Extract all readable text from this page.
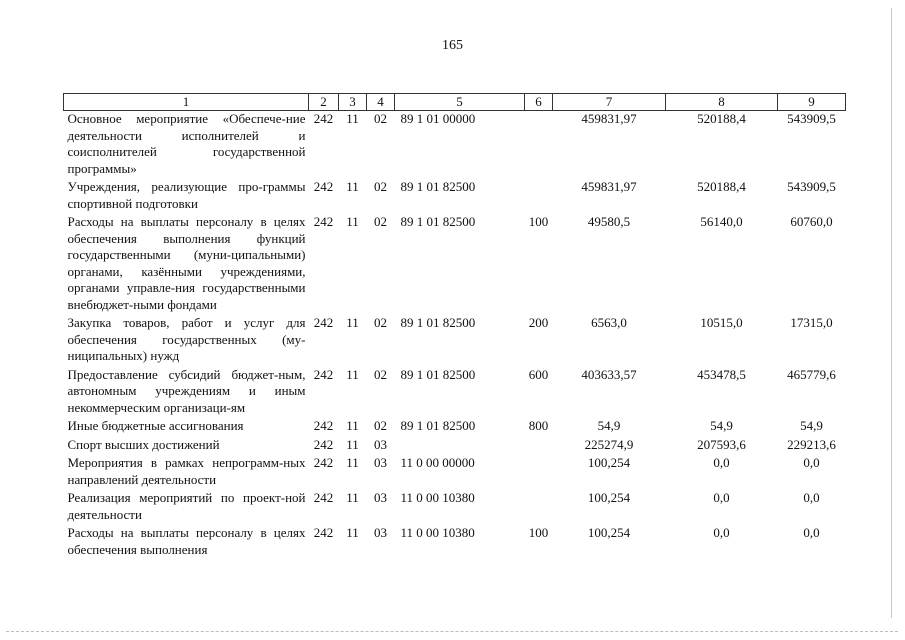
165
1	2	3	4	5	6	7	8	9
Основное мероприятие «Обеспече-ние деятельности исполнителей и соисполнителей государственной программы»	242	11	02	89 1 01 00000		459831,97	520188,4	543909,5
Учреждения, реализующие про-граммы спортивной подготовки	242	11	02	89 1 01 82500		459831,97	520188,4	543909,5
Расходы на выплаты персоналу в целях обеспечения выполнения функций государственными (муни-ципальными) органами, казёнными учреждениями, органами управле-ния государственными внебюджет-ными фондами	242	11	02	89 1 01 82500	100	49580,5	56140,0	60760,0
Закупка товаров, работ и услуг для обеспечения государственных (му-ниципальных) нужд	242	11	02	89 1 01 82500	200	6563,0	10515,0	17315,0
Предоставление субсидий бюджет-ным, автономным учреждениям и иным некоммерческим организаци-ям	242	11	02	89 1 01 82500	600	403633,57	453478,5	465779,6
Иные бюджетные ассигнования	242	11	02	89 1 01 82500	800	54,9	54,9	54,9
Спорт высших достижений	242	11	03			225274,9	207593,6	229213,6
Мероприятия в рамках непрограмм-ных направлений деятельности	242	11	03	11 0 00 00000		100,254	0,0	0,0
Реализация мероприятий по проект-ной деятельности	242	11	03	11 0 00 10380		100,254	0,0	0,0
Расходы на выплаты персоналу в целях обеспечения выполнения	242	11	03	11 0 00 10380	100	100,254	0,0	0,0
